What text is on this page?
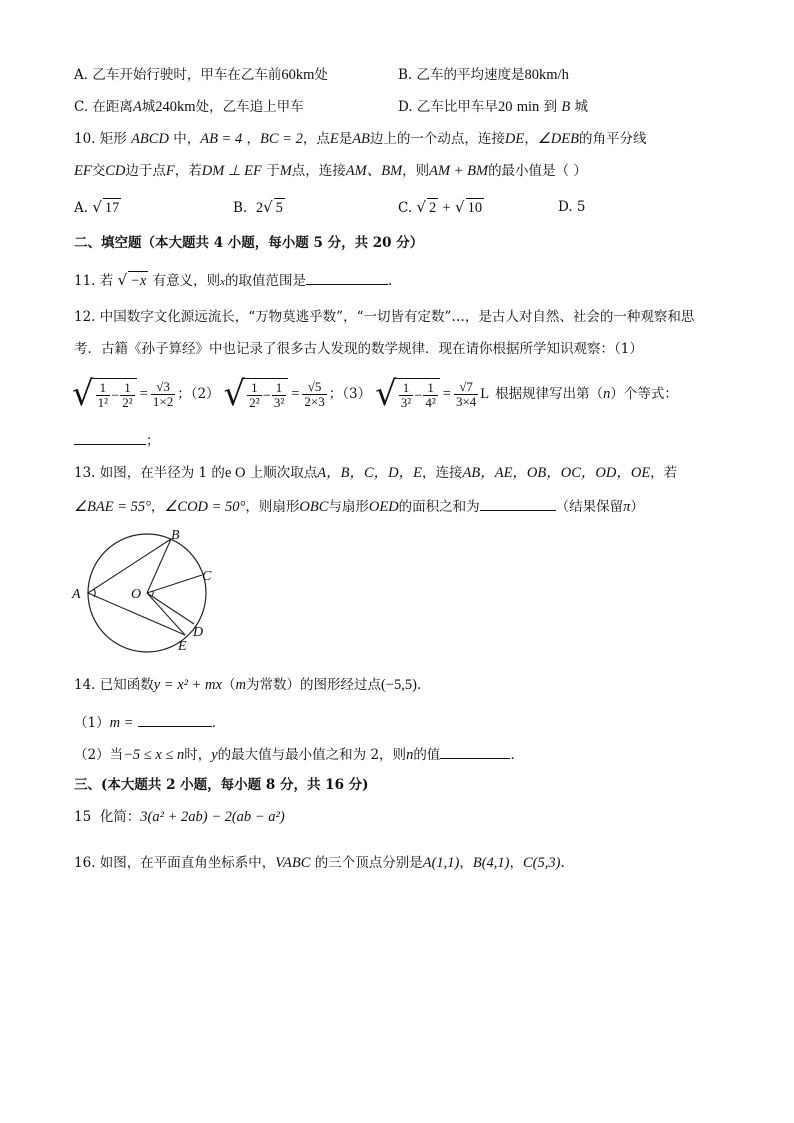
A. 乙车开始行驶时，甲车在乙车前60km处	B. 乙车的平均速度是80km/h
C. 在距离A城240km处，乙车追上甲车	D. 乙车比甲车早20 min 到 B 城
10. 矩形 ABCD 中，AB = 4 ，BC = 2，点E是AB边上的一个动点，连接DE，∠DEB的角平分线
EF交CD边于点F，若DM ⊥ EF 于M点，连接AM、BM，则AM + BM的最小值是（ ）
A. √ 17	B. 2√ 5	C. √ 2 + √ 10	D. 5
二、填空题（本大题共 4 小题，每小题 5 分，共 20 分）
11. 若 √ −x 有意义，则x的取值范围是	.
12. 中国数字文化源远流长，“万物莫逃乎数”，“一切皆有定数”…，是古人对自然、社会的一种观察和思
考．古籍《孙子算经》中也记录了很多古人发现的数学规律．现在请你根据所学知识观察：（1）
√ $\frac{1}{\text{1²}} - \frac{1}{\text{2²}} = \frac{√3}{1\times 2}$ ；（2） √ $\frac{1}{\text{2²}} - \frac{1}{\text{3²}} = \frac{√5}{2\times 3}$ ；（3） √ $\frac{1}{\text{3²}} - \frac{1}{\text{4²}} = \frac{√7}{3\times 4}$ L 根据规律写出第（ n ）个等式：
；
13. 如图，在半径为 1 的e O 上顺次取点A，B，C，D，E，连接AB，AE，OB，OC，OD，OE，若
∠BAE = 55°，∠COD = 50°，则扇形OBC与扇形OED的面积之和为	（结果保留π）
A
B
C
D
E
O
14. 已知函数y = x² + mx（m为常数）的图形经过点(−5,5).
（1）m =	.
（2）当−5 ≤ x ≤ n时，y的最大值与最小值之和为 2，则n的值	.
三、(本大题共 2 小题，每小题 8 分，共 16 分)
15 化简：3(a² + 2ab) − 2(ab − a²)
16. 如图，在平面直角坐标系中，VABC 的三个顶点分别是A(1,1)，B(4,1)，C(5,3).
